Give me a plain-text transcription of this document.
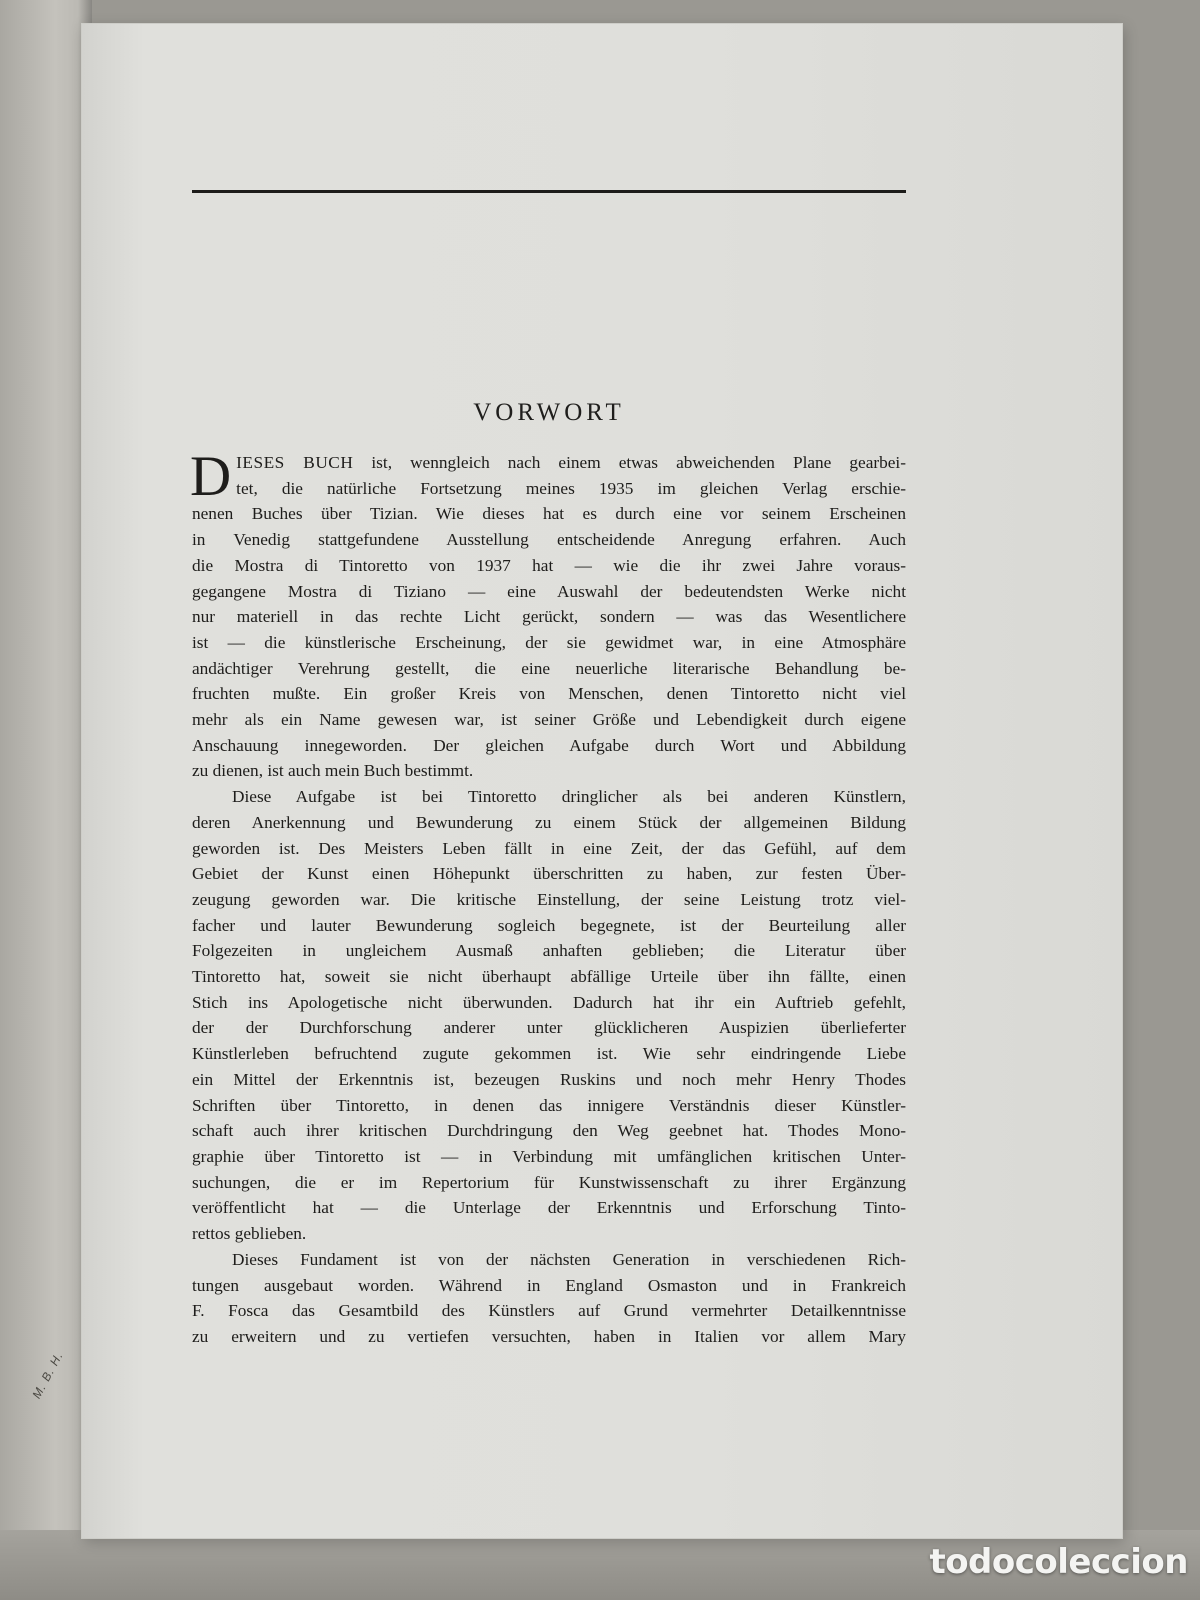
M. B. H.
VORWORT
DIESES BUCH ist, wenngleich nach einem etwas abweichenden Plane gearbei-
tet, die natürliche Fortsetzung meines 1935 im gleichen Verlag erschie-
nenen Buches über Tizian. Wie dieses hat es durch eine vor seinem Erscheinen
in Venedig stattgefundene Ausstellung entscheidende Anregung erfahren. Auch
die Mostra di Tintoretto von 1937 hat — wie die ihr zwei Jahre voraus-
gegangene Mostra di Tiziano — eine Auswahl der bedeutendsten Werke nicht
nur materiell in das rechte Licht gerückt, sondern — was das Wesentlichere
ist — die künstlerische Erscheinung, der sie gewidmet war, in eine Atmosphäre
andächtiger Verehrung gestellt, die eine neuerliche literarische Behandlung be-
fruchten mußte. Ein großer Kreis von Menschen, denen Tintoretto nicht viel
mehr als ein Name gewesen war, ist seiner Größe und Lebendigkeit durch eigene
Anschauung innegeworden. Der gleichen Aufgabe durch Wort und Abbildung
zu dienen, ist auch mein Buch bestimmt.
Diese Aufgabe ist bei Tintoretto dringlicher als bei anderen Künstlern,
deren Anerkennung und Bewunderung zu einem Stück der allgemeinen Bildung
geworden ist. Des Meisters Leben fällt in eine Zeit, der das Gefühl, auf dem
Gebiet der Kunst einen Höhepunkt überschritten zu haben, zur festen Über-
zeugung geworden war. Die kritische Einstellung, der seine Leistung trotz viel-
facher und lauter Bewunderung sogleich begegnete, ist der Beurteilung aller
Folgezeiten in ungleichem Ausmaß anhaften geblieben; die Literatur über
Tintoretto hat, soweit sie nicht überhaupt abfällige Urteile über ihn fällte, einen
Stich ins Apologetische nicht überwunden. Dadurch hat ihr ein Auftrieb gefehlt,
der der Durchforschung anderer unter glücklicheren Auspizien überlieferter
Künstlerleben befruchtend zugute gekommen ist. Wie sehr eindringende Liebe
ein Mittel der Erkenntnis ist, bezeugen Ruskins und noch mehr Henry Thodes
Schriften über Tintoretto, in denen das innigere Verständnis dieser Künstler-
schaft auch ihrer kritischen Durchdringung den Weg geebnet hat. Thodes Mono-
graphie über Tintoretto ist — in Verbindung mit umfänglichen kritischen Unter-
suchungen, die er im Repertorium für Kunstwissenschaft zu ihrer Ergänzung
veröffentlicht hat — die Unterlage der Erkenntnis und Erforschung Tinto-
rettos geblieben.
Dieses Fundament ist von der nächsten Generation in verschiedenen Rich-
tungen ausgebaut worden. Während in England Osmaston und in Frankreich
F. Fosca das Gesamtbild des Künstlers auf Grund vermehrter Detailkenntnisse
zu erweitern und zu vertiefen versuchten, haben in Italien vor allem Mary
todocoleccion
